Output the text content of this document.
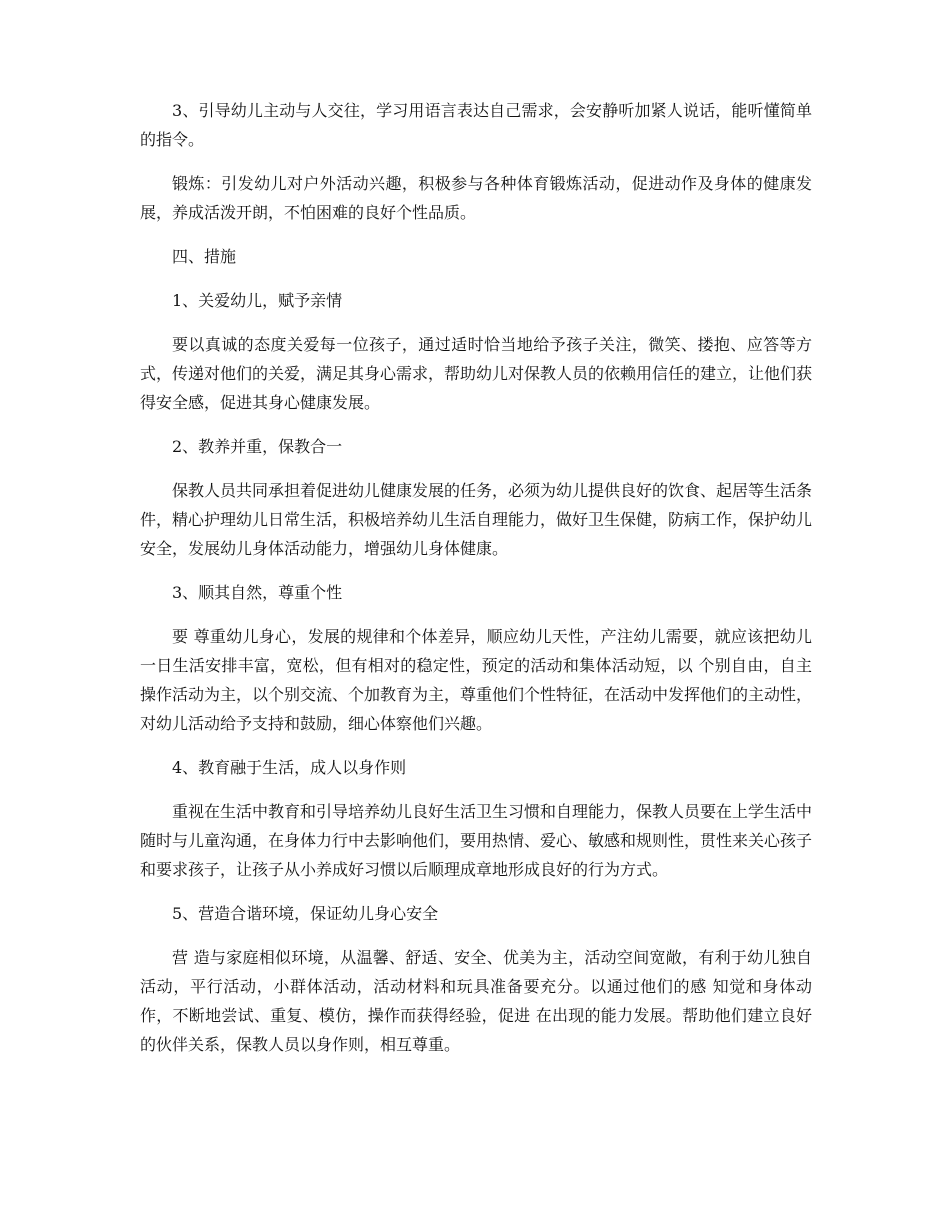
3、引导幼儿主动与人交往，学习用语言表达自己需求，会安静听加紧人说话，能听懂简单的指令。

锻炼：引发幼儿对户外活动兴趣，积极参与各种体育锻炼活动，促进动作及身体的健康发展，养成活泼开朗，不怕困难的良好个性品质。

四、措施

1、关爱幼儿，赋予亲情

要以真诚的态度关爱每一位孩子，通过适时恰当地给予孩子关注，微笑、搂抱、应答等方式，传递对他们的关爱，满足其身心需求，帮助幼儿对保教人员的依赖用信任的建立，让他们获得安全感，促进其身心健康发展。

2、教养并重，保教合一

保教人员共同承担着促进幼儿健康发展的任务，必须为幼儿提供良好的饮食、起居等生活条件，精心护理幼儿日常生活，积极培养幼儿生活自理能力，做好卫生保健，防病工作，保护幼儿安全，发展幼儿身体活动能力，增强幼儿身体健康。

3、顺其自然，尊重个性

要 尊重幼儿身心，发展的规律和个体差异，顺应幼儿天性，产注幼儿需要，就应该把幼儿一日生活安排丰富，宽松，但有相对的稳定性，预定的活动和集体活动短，以 个别自由，自主操作活动为主，以个别交流、个加教育为主，尊重他们个性特征，在活动中发挥他们的主动性，对幼儿活动给予支持和鼓励，细心体察他们兴趣。

4、教育融于生活，成人以身作则

重视在生活中教育和引导培养幼儿良好生活卫生习惯和自理能力，保教人员要在上学生活中随时与儿童沟通，在身体力行中去影响他们，要用热情、爱心、敏感和规则性，贯性来关心孩子和要求孩子，让孩子从小养成好习惯以后顺理成章地形成良好的行为方式。

5、营造合谐环境，保证幼儿身心安全

营 造与家庭相似环境，从温馨、舒适、安全、优美为主，活动空间宽敞，有利于幼儿独自活动，平行活动，小群体活动，活动材料和玩具准备要充分。以通过他们的感 知觉和身体动作，不断地尝试、重复、模仿，操作而获得经验，促进 在出现的能力发展。帮助他们建立良好的伙伴关系，保教人员以身作则，相互尊重。
